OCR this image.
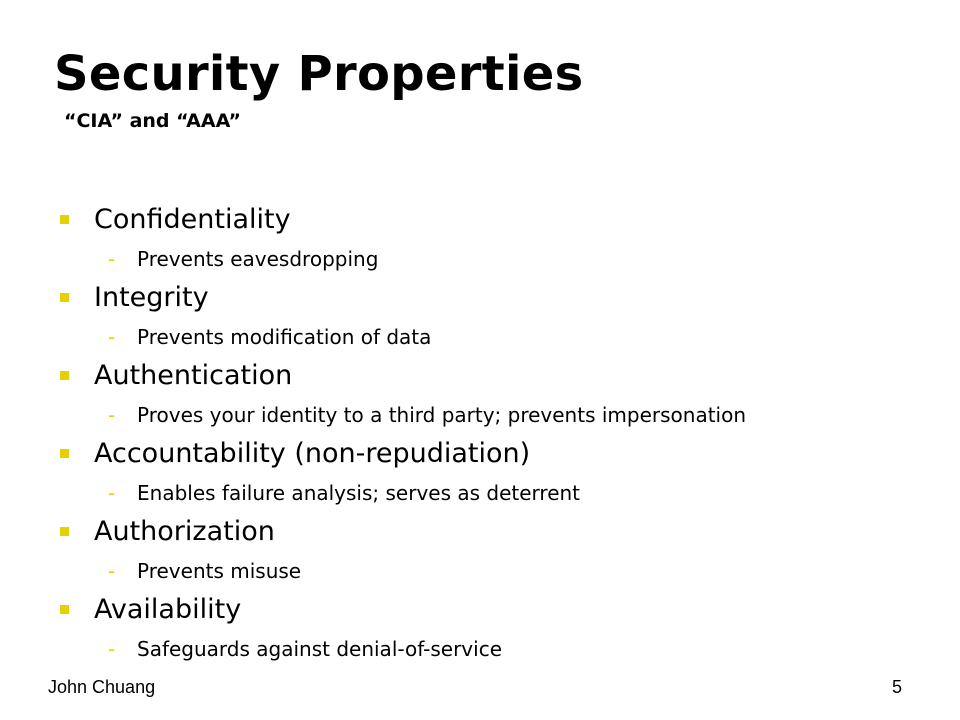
Security Properties
“CIA” and “AAA”
Confidentiality
- Prevents eavesdropping
Integrity
- Prevents modification of data
Authentication
- Proves your identity to a third party; prevents impersonation
Accountability (non-repudiation)
- Enables failure analysis; serves as deterrent
Authorization
- Prevents misuse
Availability
- Safeguards against denial-of-service
John Chuang	5
